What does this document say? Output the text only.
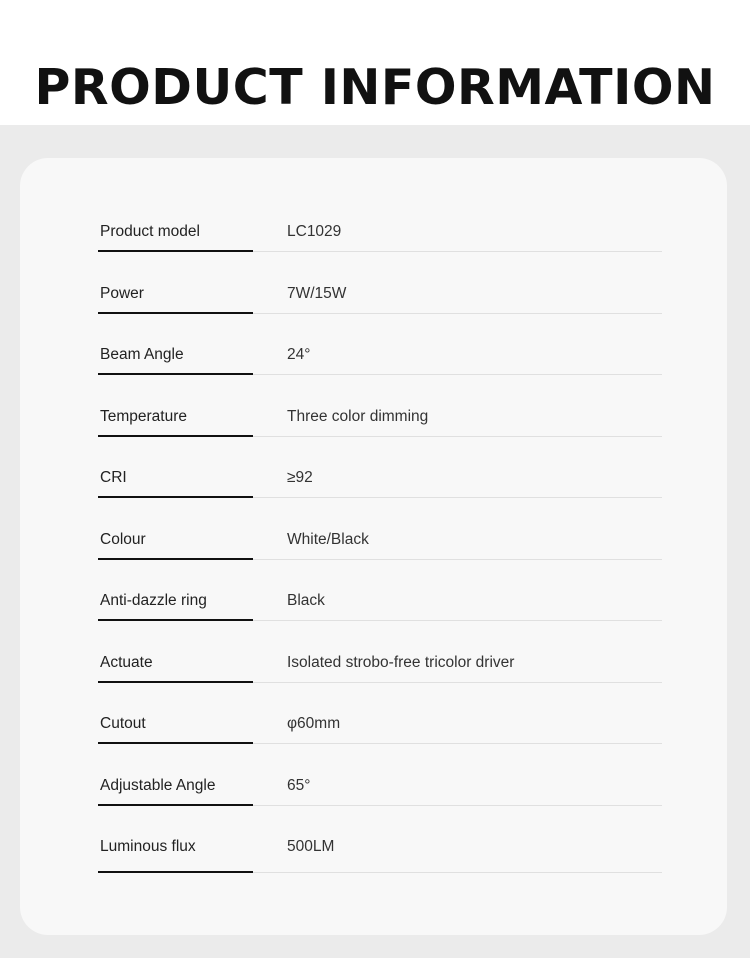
PRODUCT INFORMATION
Product model	LC1029
Power	7W/15W
Beam Angle	24°
Temperature	Three color dimming
CRI	≥92
Colour	White/Black
Anti-dazzle ring	Black
Actuate	Isolated strobo-free tricolor driver
Cutout	φ60mm
Adjustable Angle	65°
Luminous flux	500LM
